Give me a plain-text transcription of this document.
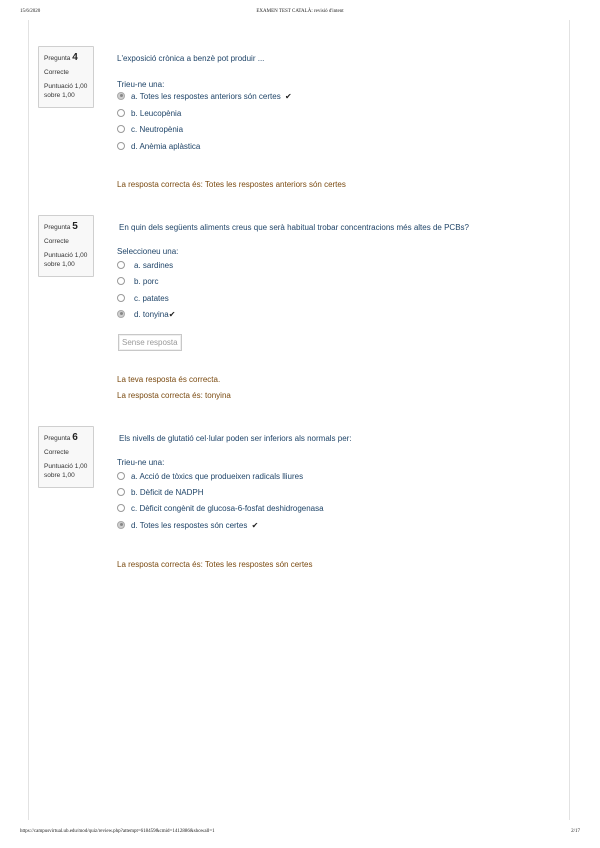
15/6/2020	EXAMEN TEST CATALÀ: revisió d'intent
Pregunta 4
Correcte
Puntuació 1,00
sobre 1,00
L'exposició crònica a benzè pot produir ...
Trieu-ne una:
a. Totes les respostes anteriors són certes ✔
b. Leucopènia
c. Neutropènia
d. Anèmia aplàstica
La resposta correcta és: Totes les respostes anteriors són certes
Pregunta 5
Correcte
Puntuació 1,00
sobre 1,00
En quin dels següents aliments creus que serà habitual trobar concentracions més altes de PCBs?
Seleccioneu una:
a. sardines
b. porc
c. patates
d. tonyina✔
Sense resposta
La teva resposta és correcta.
La resposta correcta és: tonyina
Pregunta 6
Correcte
Puntuació 1,00
sobre 1,00
Els nivells de glutatió cel·lular poden ser inferiors als normals per:
Trieu-ne una:
a. Acció de tòxics que produeixen radicals lliures
b. Dèficit de NADPH
c. Dèficit congènit de glucosa-6-fosfat deshidrogenasa
d. Totes les respostes són certes ✔
La resposta correcta és: Totes les respostes són certes
https://campusvirtual.ub.edu/mod/quiz/review.php?attempt=618459&cmid=1412886&showall=1	2/17
